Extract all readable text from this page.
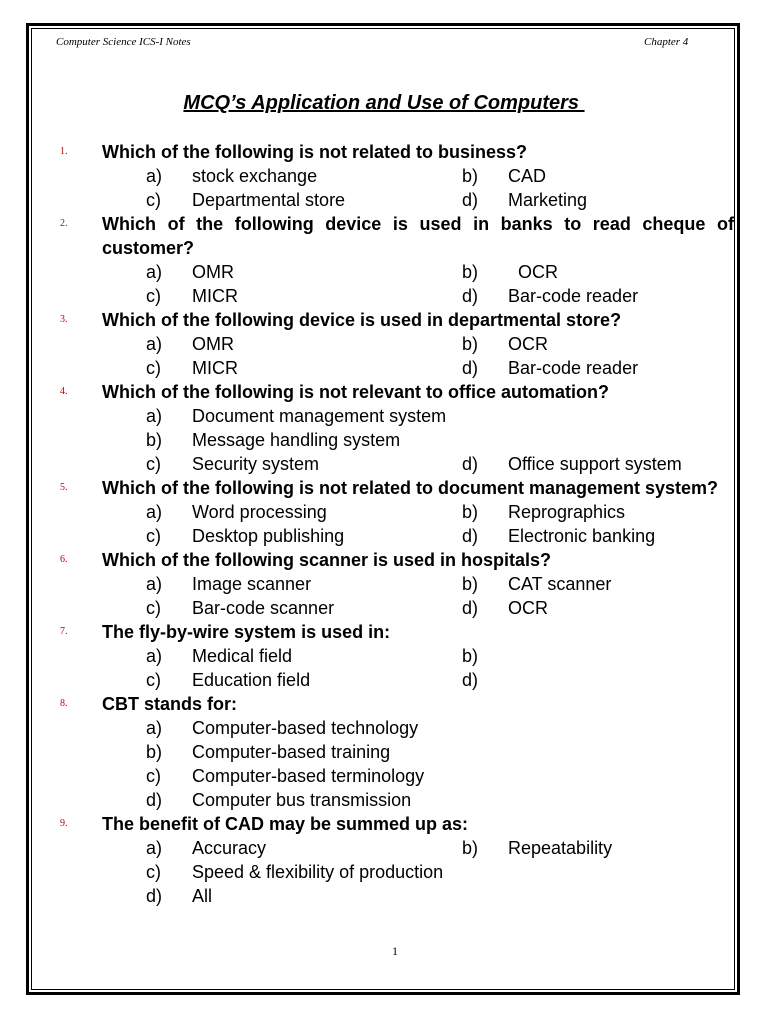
Computer Science ICS-I Notes	Chapter 4
MCQ’s Application and Use of Computers
1. Which of the following is not related to business?
a) stock exchange	b) CAD
c) Departmental store	d) Marketing
2. Which of the following device is used in banks to read cheque of customer?
a) OMR	b) OCR
c) MICR	d) Bar-code reader
3. Which of the following device is used in departmental store?
a) OMR	b) OCR
c) MICR	d) Bar-code reader
4. Which of the following is not relevant to office automation?
a) Document management system
b) Message handling system
c) Security system	d) Office support system
5. Which of the following is not related to document management system?
a) Word processing	b) Reprographics
c) Desktop publishing	d) Electronic banking
6. Which of the following scanner is used in hospitals?
a) Image scanner	b) CAT scanner
c) Bar-code scanner	d) OCR
7. The fly-by-wire system is used in:
a) Medical field	b)
c) Education field	d)
8. CBT stands for:
a) Computer-based technology
b) Computer-based training
c) Computer-based terminology
d) Computer bus transmission
9. The benefit of CAD may be summed up as:
a) Accuracy	b) Repeatability
c) Speed & flexibility of production
d) All
1
